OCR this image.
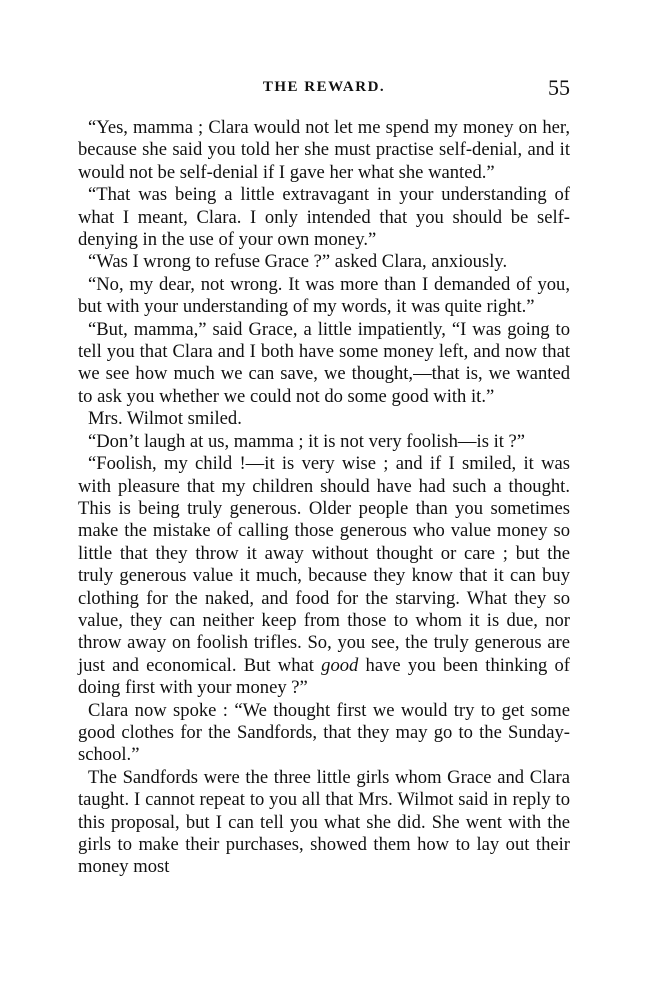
THE REWARD.	55

“Yes, mamma ; Clara would not let me spend my money on her, because she said you told her she must practise self-denial, and it would not be self-denial if I gave her what she wanted.”

“That was being a little extravagant in your understanding of what I meant, Clara. I only intended that you should be self-denying in the use of your own money.”

“Was I wrong to refuse Grace ?” asked Clara, anxiously.

“No, my dear, not wrong. It was more than I demanded of you, but with your understanding of my words, it was quite right.”

“But, mamma,” said Grace, a little impatiently, “I was going to tell you that Clara and I both have some money left, and now that we see how much we can save, we thought,—that is, we wanted to ask you whether we could not do some good with it.”

Mrs. Wilmot smiled.

“Don’t laugh at us, mamma ; it is not very foolish—is it ?”

“Foolish, my child !—it is very wise ; and if I smiled, it was with pleasure that my children should have had such a thought. This is being truly generous. Older people than you sometimes make the mistake of calling those generous who value money so little that they throw it away without thought or care ; but the truly generous value it much, because they know that it can buy clothing for the naked, and food for the starving. What they so value, they can neither keep from those to whom it is due, nor throw away on foolish trifles. So, you see, the truly generous are just and economical. But what good have you been thinking of doing first with your money ?”

Clara now spoke : “We thought first we would try to get some good clothes for the Sandfords, that they may go to the Sunday-school.”

The Sandfords were the three little girls whom Grace and Clara taught. I cannot repeat to you all that Mrs. Wilmot said in reply to this proposal, but I can tell you what she did. She went with the girls to make their purchases, showed them how to lay out their money most
